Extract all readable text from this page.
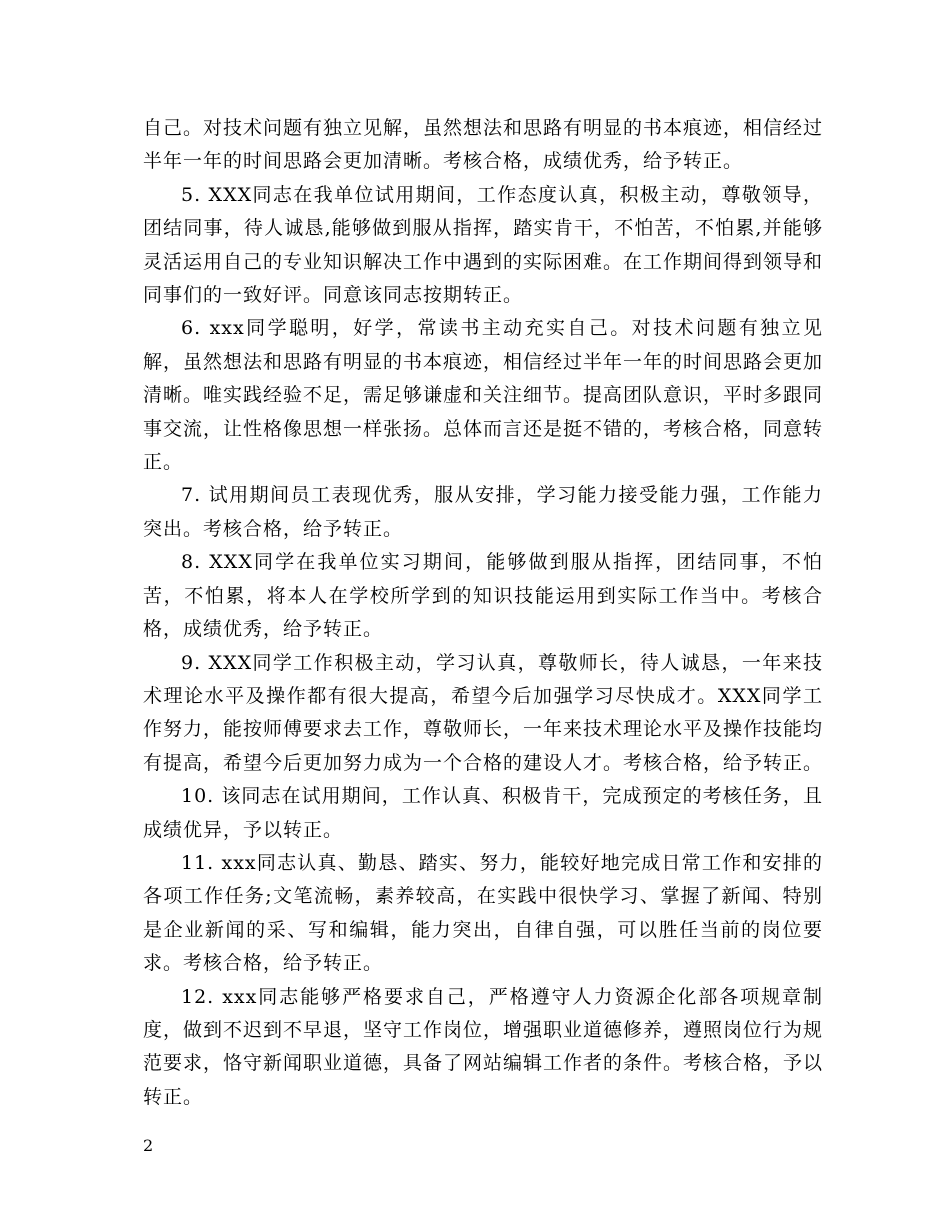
自己。对技术问题有独立见解，虽然想法和思路有明显的书本痕迹，相信经过半年一年的时间思路会更加清晰。考核合格，成绩优秀，给予转正。

5. XXX同志在我单位试用期间，工作态度认真，积极主动，尊敬领导，团结同事，待人诚恳,能够做到服从指挥，踏实肯干，不怕苦，不怕累,并能够灵活运用自己的专业知识解决工作中遇到的实际困难。在工作期间得到领导和同事们的一致好评。同意该同志按期转正。

6. xxx同学聪明，好学，常读书主动充实自己。对技术问题有独立见解，虽然想法和思路有明显的书本痕迹，相信经过半年一年的时间思路会更加清晰。唯实践经验不足，需足够谦虚和关注细节。提高团队意识，平时多跟同事交流，让性格像思想一样张扬。总体而言还是挺不错的，考核合格，同意转正。

7. 试用期间员工表现优秀，服从安排，学习能力接受能力强，工作能力突出。考核合格，给予转正。

8. XXX同学在我单位实习期间，能够做到服从指挥，团结同事，不怕苦，不怕累，将本人在学校所学到的知识技能运用到实际工作当中。考核合格，成绩优秀，给予转正。

9. XXX同学工作积极主动，学习认真，尊敬师长，待人诚恳，一年来技术理论水平及操作都有很大提高，希望今后加强学习尽快成才。XXX同学工作努力，能按师傅要求去工作，尊敬师长，一年来技术理论水平及操作技能均有提高，希望今后更加努力成为一个合格的建设人才。考核合格，给予转正。

10. 该同志在试用期间，工作认真、积极肯干，完成预定的考核任务，且成绩优异，予以转正。

11. xxx同志认真、勤恳、踏实、努力，能较好地完成日常工作和安排的各项工作任务;文笔流畅，素养较高，在实践中很快学习、掌握了新闻、特别是企业新闻的采、写和编辑，能力突出，自律自强，可以胜任当前的岗位要求。考核合格，给予转正。

12. xxx同志能够严格要求自己，严格遵守人力资源企化部各项规章制度，做到不迟到不早退，坚守工作岗位，增强职业道德修养，遵照岗位行为规范要求，恪守新闻职业道德，具备了网站编辑工作者的条件。考核合格，予以转正。

2
